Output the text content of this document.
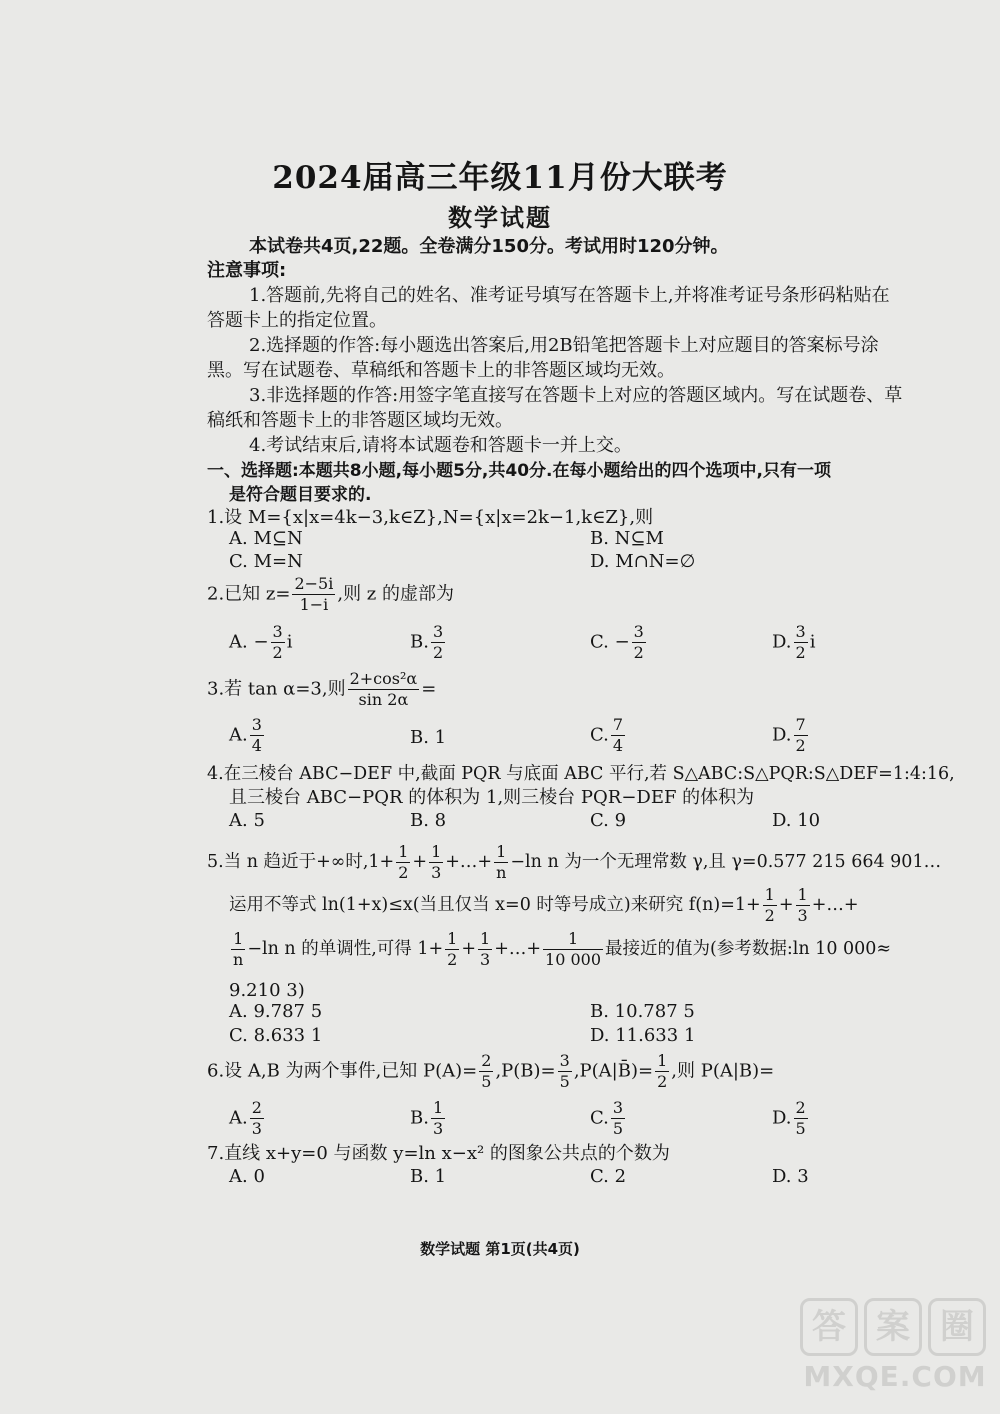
2024届高三年级11月份大联考
数学试题
本试卷共4页,22题。全卷满分150分。考试用时120分钟。
注意事项:
1.答题前,先将自己的姓名、准考证号填写在答题卡上,并将准考证号条形码粘贴在
答题卡上的指定位置。
2.选择题的作答:每小题选出答案后,用2B铅笔把答题卡上对应题目的答案标号涂
黑。写在试题卷、草稿纸和答题卡上的非答题区域均无效。
3.非选择题的作答:用签字笔直接写在答题卡上对应的答题区域内。写在试题卷、草
稿纸和答题卡上的非答题区域均无效。
4.考试结束后,请将本试题卷和答题卡一并上交。
一、选择题:本题共8小题,每小题5分,共40分.在每小题给出的四个选项中,只有一项
是符合题目要求的.
1.设 M={x|x=4k−3,k∈Z},N={x|x=2k−1,k∈Z},则
A. M⊆N	B. N⊆M
C. M=N	D. M∩N=∅
2.已知 $z= \frac{2-5i}{1-i}$ ,则 z 的虚部为
A. − $\frac{3}{2}$ i	B. $\frac{3}{2}$	C. − $\frac{3}{2}$	D. $\frac{3}{2}$ i
3.若 tan α=3,则 $\frac{\text{2+cos²α}}{\sin 2\alpha}$ =
A. $\frac{3}{4}$	B. 1	C. $\frac{7}{4}$	D. $\frac{7}{2}$
4.在三棱台 ABC−DEF 中,截面 PQR 与底面 ABC 平行,若 S△ABC:S△PQR:S△DEF=1:4:16,
且三棱台 ABC−PQR 的体积为 1,则三棱台 PQR−DEF 的体积为
A. 5	B. 8	C. 9	D. 10
5.当 n 趋近于+∞时$,1+ \frac{1}{2} + \frac{1}{3}$ +…+ $\frac{1}{n} -\ln$ n 为一个无理常数 γ,且 γ=0.577 215 664 901…
运用不等式 ln(1+x)≤x(当且仅当 x=0 时等号成立)来研究 $f(n)=1+ \frac{1}{2} + \frac{1}{3}$ +…+
$\frac{1}{n} -\ln$ n 的单调性,可得 $1+ \frac{1}{2} + \frac{1}{3}$ +…+ $\frac{1}{10 000}$ 最接近的值为(参考数据:ln 10 000≈
9.210 3)
A. 9.787 5	B. 10.787 5
C. 8.633 1	D. 11.633 1
6.设 A,B 为两个事件,已知 $P(A)= \frac{2}{5} ,P(B)= \frac{3}{5}$ ,P(A|B̄)= $\frac{1}{2}$ ,则 P(A|B)=
A. $\frac{2}{3}$	B. $\frac{1}{3}$	C. $\frac{3}{5}$	D. $\frac{2}{5}$
7.直线 x+y=0 与函数 y=ln x−x² 的图象公共点的个数为
A. 0	B. 1	C. 2	D. 3
数学试题 第1页(共4页)
答 案 圈
MXQE.COM
